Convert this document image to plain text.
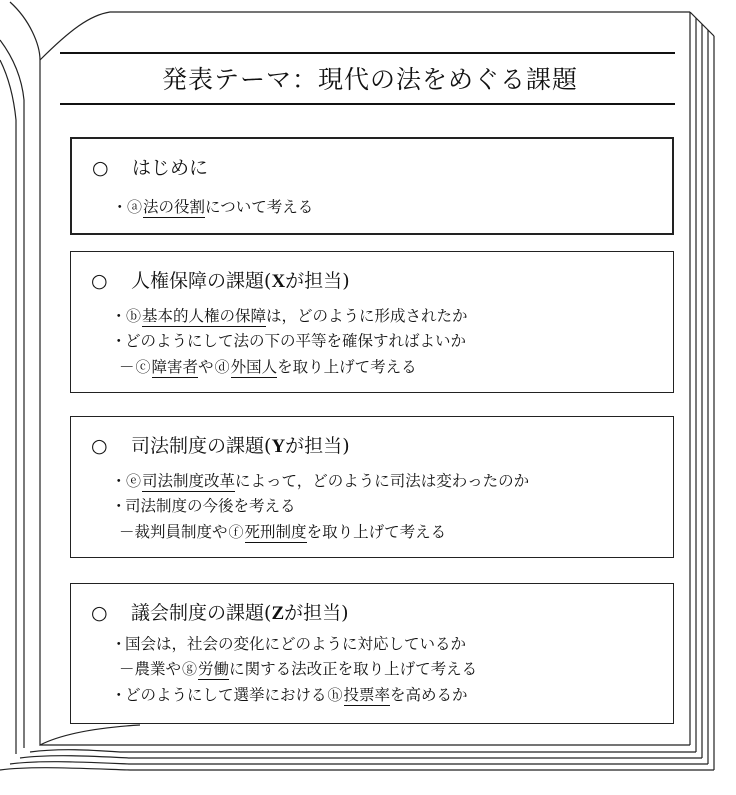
発表テーマ：現代の法をめぐる課題
○ はじめに
・ⓐ法の役割について考える
○ 人権保障の課題(Xが担当)
・ⓑ基本的人権の保障は，どのように形成されたか
・どのようにして法の下の平等を確保すればよいか
－ⓒ障害者やⓓ外国人を取り上げて考える
○ 司法制度の課題(Yが担当)
・ⓔ司法制度改革によって，どのように司法は変わったのか
・司法制度の今後を考える
－裁判員制度やⓕ死刑制度を取り上げて考える
○ 議会制度の課題(Zが担当)
・国会は，社会の変化にどのように対応しているか
－農業やⓖ労働に関する法改正を取り上げて考える
・どのようにして選挙におけるⓗ投票率を高めるか
